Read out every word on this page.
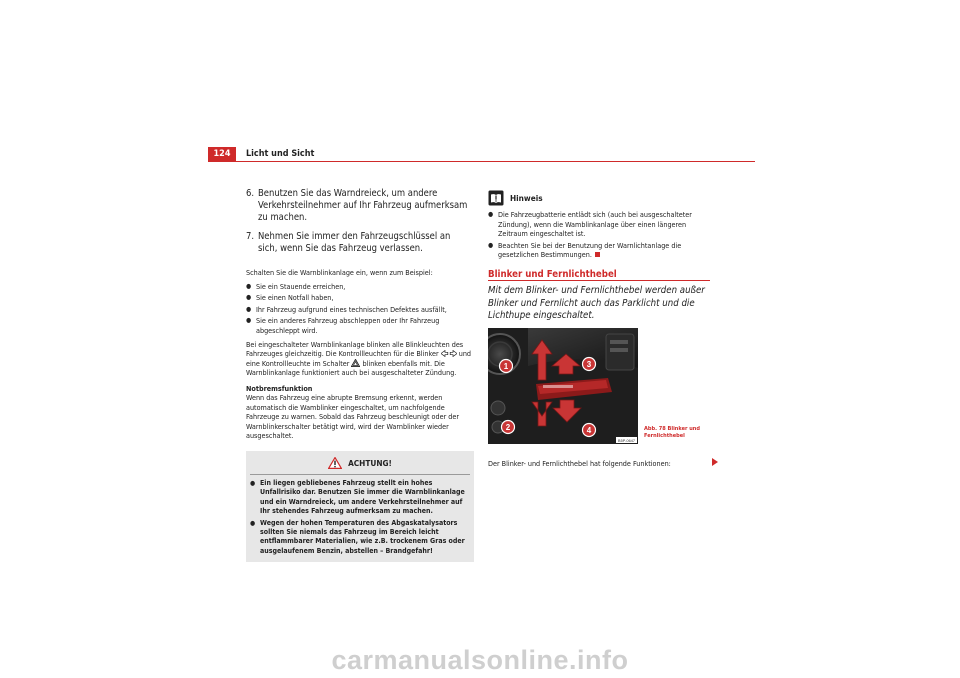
124	Licht und Sicht
6. Benutzen Sie das Warndreieck, um andere Verkehrsteilnehmer auf Ihr Fahrzeug aufmerksam zu machen.
7. Nehmen Sie immer den Fahrzeugschlüssel an sich, wenn Sie das Fahrzeug verlassen.
Schalten Sie die Warnblinkanlage ein, wenn zum Beispiel:
● Sie ein Stauende erreichen,
● Sie einen Notfall haben,
● Ihr Fahrzeug aufgrund eines technischen Defektes ausfällt,
● Sie ein anderes Fahrzeug abschleppen oder Ihr Fahrzeug abgeschleppt wird.
Bei eingeschalteter Warnblinkanlage blinken alle Blinkleuchten des Fahrzeuges gleichzeitig. Die Kontrollleuchten für die Blinker	und eine Kontrollleuchte im Schalter blinken ebenfalls mit. Die Warnblinkanlage funktioniert auch bei ausgeschalteter Zündung.
Notbremsfunktion
Wenn das Fahrzeug eine abrupte Bremsung erkennt, werden automatisch die Wamblinker eingeschaltet, um nachfolgende Fahrzeuge zu warnen. Sobald das Fahrzeug beschleunigt oder der Warnblinkerschalter betätigt wird, wird der Warnblinker wieder ausgeschaltet.
ACHTUNG!
● Ein liegen gebliebenes Fahrzeug stellt ein hohes Unfallrisiko dar. Benutzen Sie immer die Warnblinkanlage und ein Warndreieck, um andere Verkehrsteilnehmer auf Ihr stehendes Fahrzeug aufmerksam zu machen.
● Wegen der hohen Temperaturen des Abgaskatalysators sollten Sie niemals das Fahrzeug im Bereich leicht entflammbarer Materialien, wie z.B. trockenem Gras oder ausgelaufenem Benzin, abstellen – Brandgefahr!
Hinweis
● Die Fahrzeugbatterie entlädt sich (auch bei ausgeschalteter Zündung), wenn die Wamblinkanlage über einen längeren Zeitraum eingeschaltet ist.
● Beachten Sie bei der Benutzung der Warnlichtanlage die gesetzlichen Bestimmungen.
Blinker und Fernlichthebel
Mit dem Blinker- und Fernlichthebel werden außer Blinker und Fernlicht auch das Parklicht und die Lichthupe eingeschaltet.
1
2
3
4
B5P-0647
Abb. 78 Blinker und Fernlichthebel
Der Blinker- und Fernlichthebel hat folgende Funktionen:
carmanualsonline.info
